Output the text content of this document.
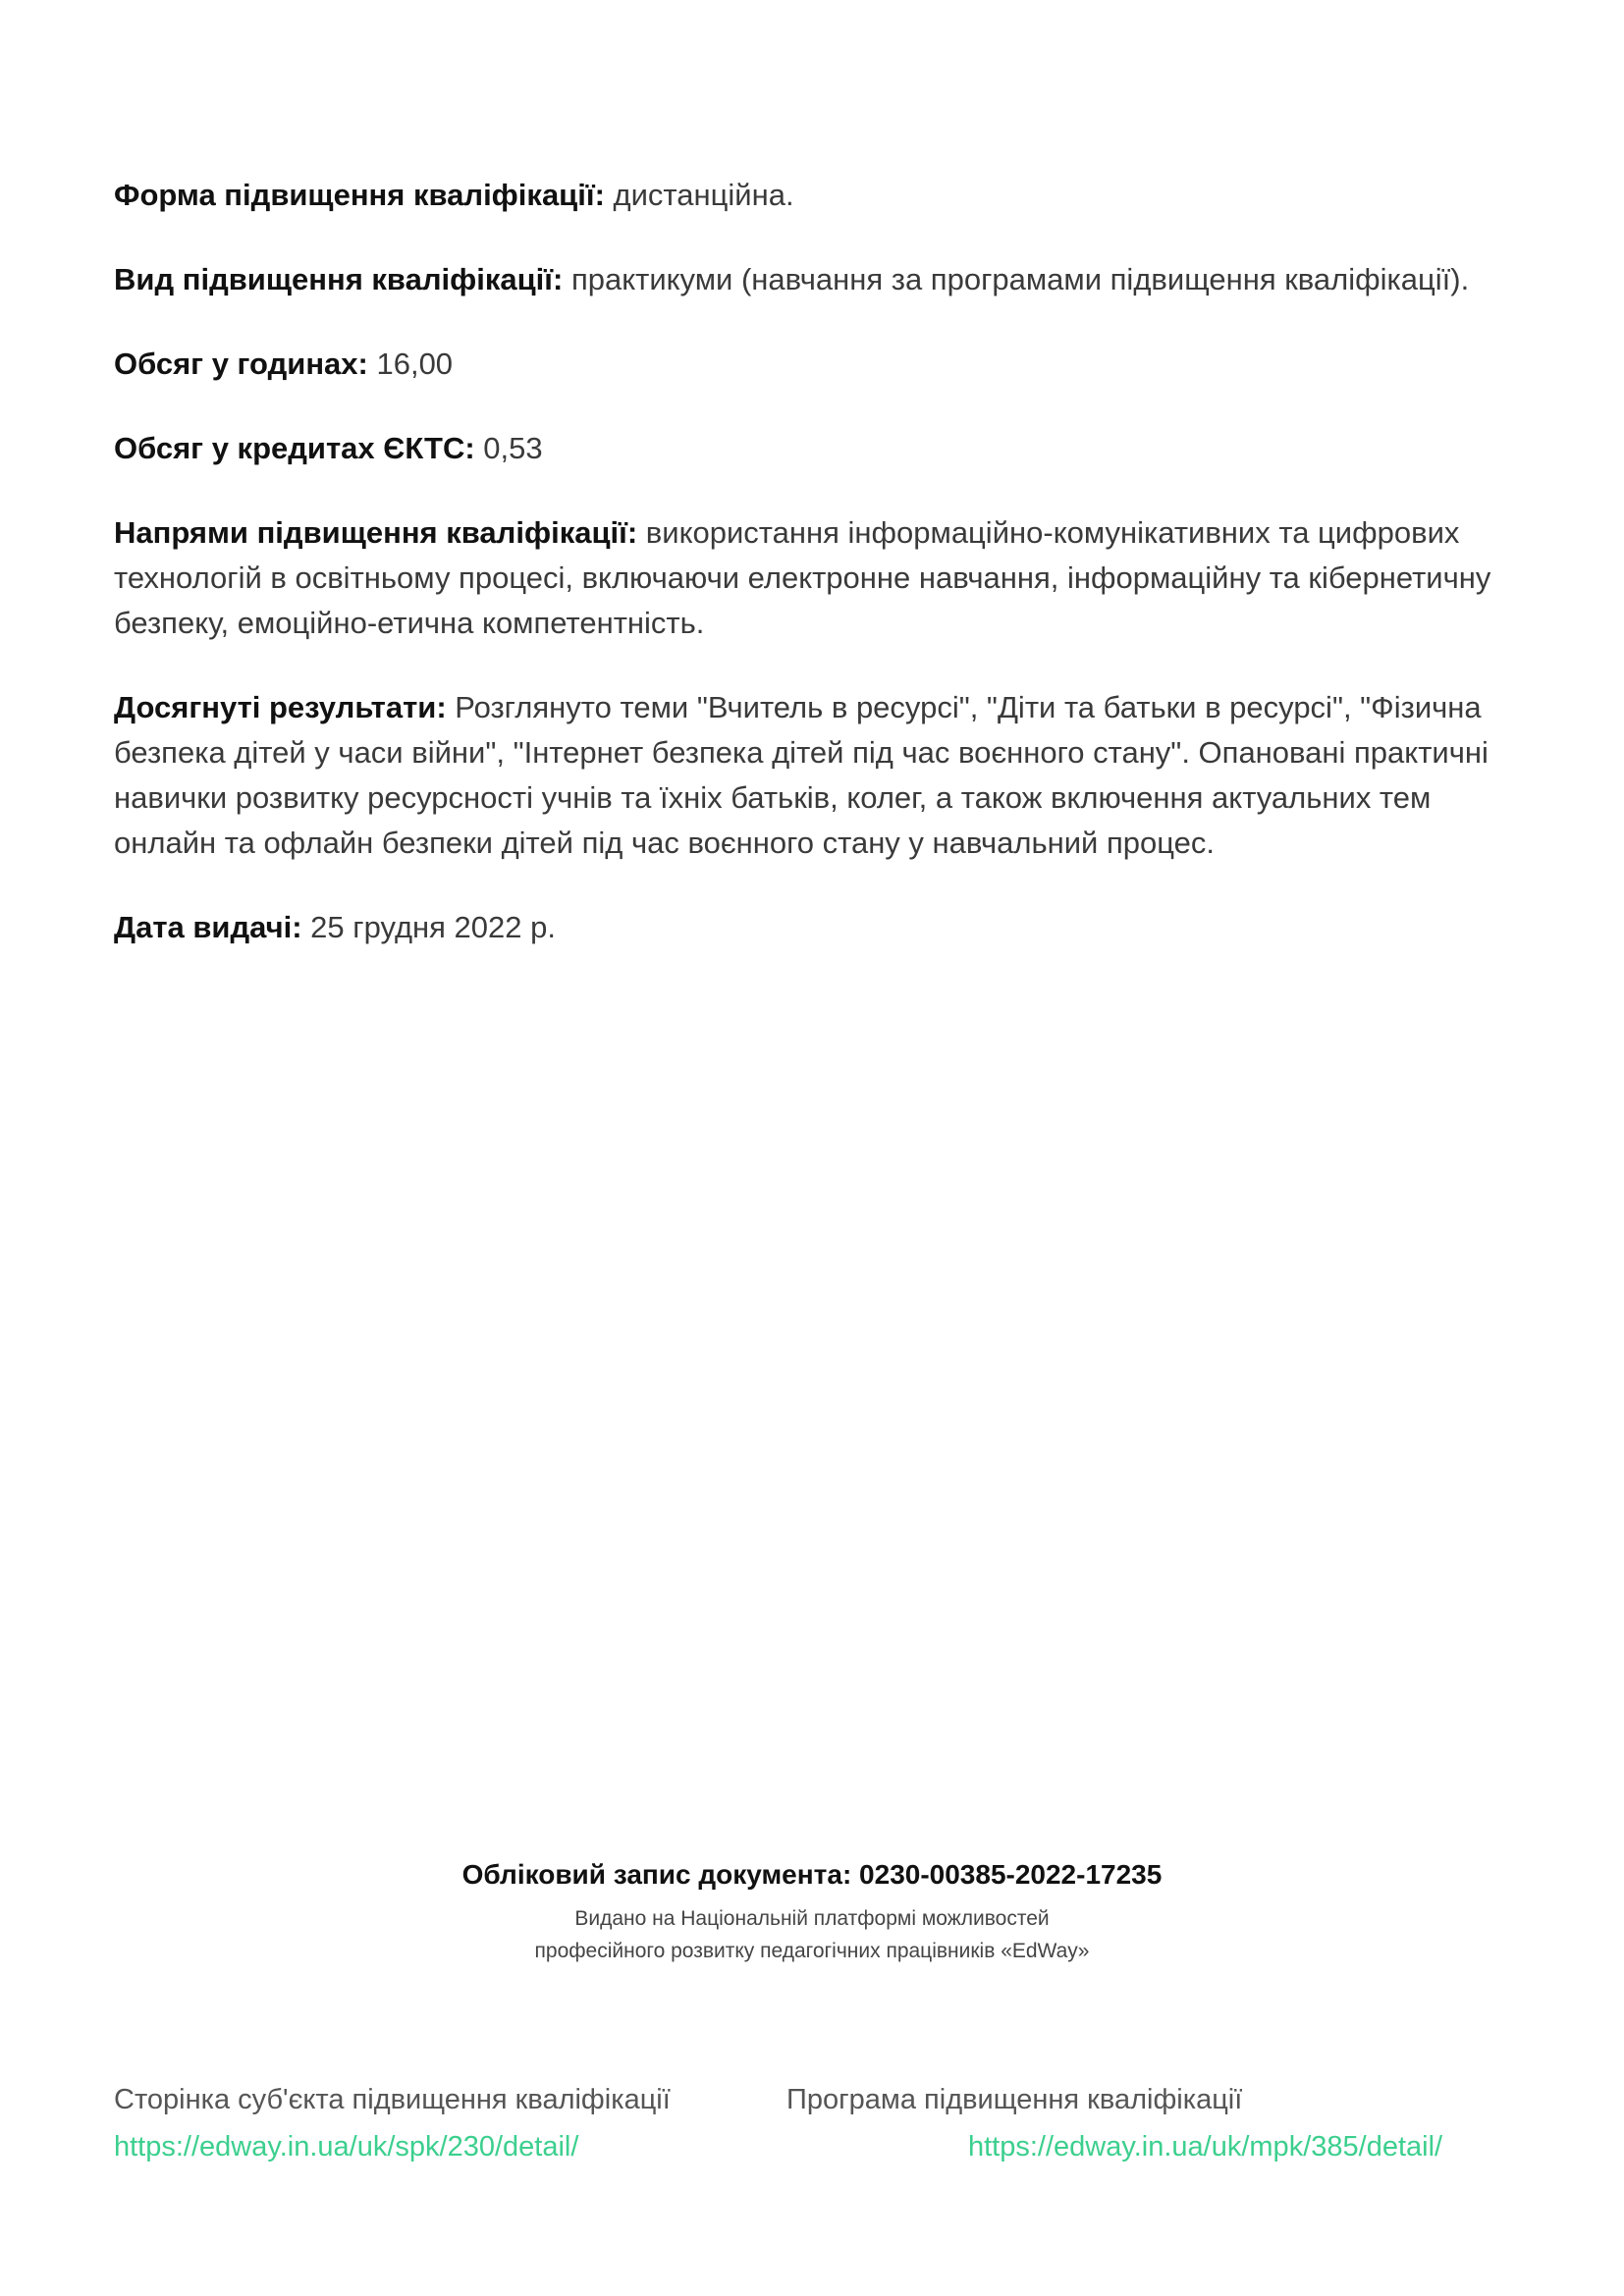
Форма підвищення кваліфікації: дистанційна.

Вид підвищення кваліфікації: практикуми (навчання за програмами підвищення кваліфікації).

Обсяг у годинах: 16,00

Обсяг у кредитах ЄКТС: 0,53

Напрями підвищення кваліфікації: використання інформаційно-комунікативних та цифрових технологій в освітньому процесі, включаючи електронне навчання, інформаційну та кібернетичну безпеку, емоційно-етична компетентність.

Досягнуті результати: Розглянуто теми "Вчитель в ресурсі", "Діти та батьки в ресурсі", "Фізична безпека дітей у часи війни", "Інтернет безпека дітей під час воєнного стану". Опановані практичні навички розвитку ресурсності учнів та їхніх батьків, колег, а також включення актуальних тем онлайн та офлайн безпеки дітей під час воєнного стану у навчальний процес.

Дата видачі: 25 грудня 2022 р.

Обліковий запис документа: 0230-00385-2022-17235
Видано на Національній платформі можливостей
професійного розвитку педагогічних працівників «EdWay»
Сторінка суб'єкта підвищення кваліфікації
https://edway.in.ua/uk/spk/230/detail/
Програма підвищення кваліфікації
https://edway.in.ua/uk/mpk/385/detail/
